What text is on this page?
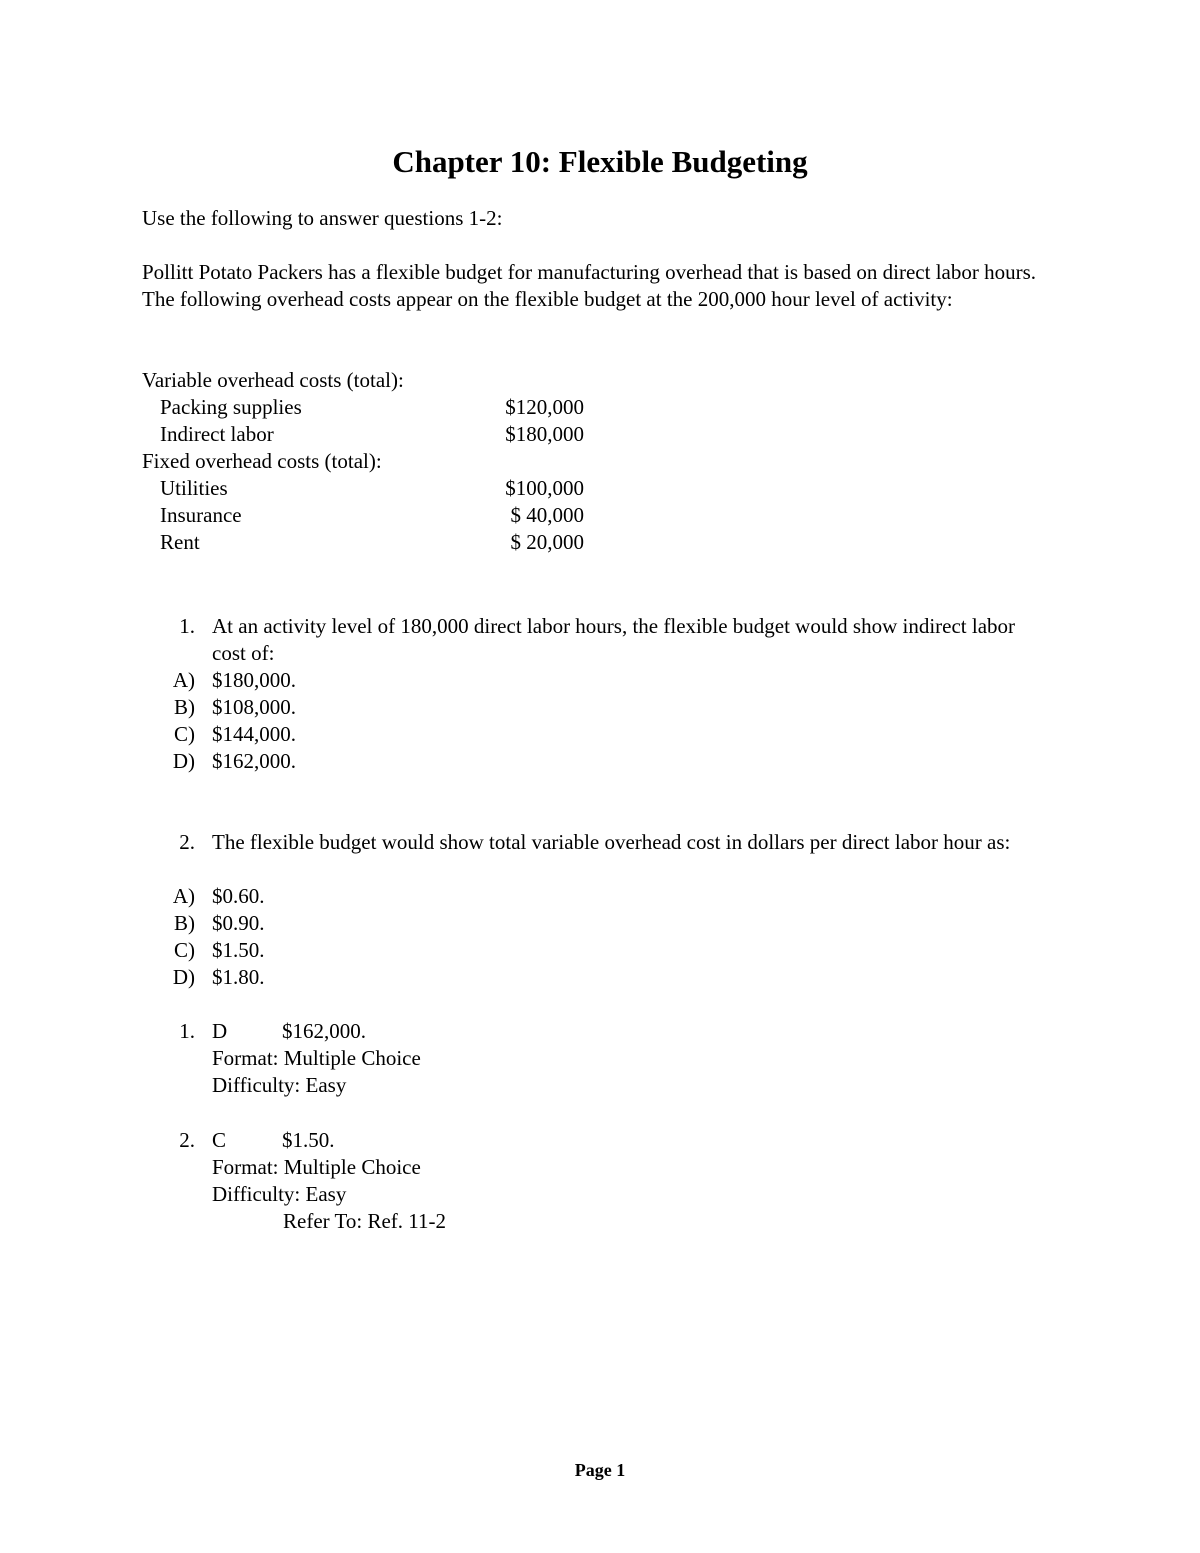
Chapter 10: Flexible Budgeting
Use the following to answer questions 1-2:
Pollitt Potato Packers has a flexible budget for manufacturing overhead that is based on direct labor hours. The following overhead costs appear on the flexible budget at the 200,000 hour level of activity:
Variable overhead costs (total):	
Packing supplies	$120,000
Indirect labor	$180,000
Fixed overhead costs (total):	
Utilities	$100,000
Insurance	$ 40,000
Rent	$ 20,000
1. At an activity level of 180,000 direct labor hours, the flexible budget would show indirect labor cost of:
A) $180,000.
B) $108,000.
C) $144,000.
D) $162,000.
2. The flexible budget would show total variable overhead cost in dollars per direct labor hour as:
A) $0.60.
B) $0.90.
C) $1.50.
D) $1.80.
1. D	$162,000.
Format: Multiple Choice
Difficulty: Easy
2. C	$1.50.
Format: Multiple Choice
Difficulty: Easy
Refer To: Ref. 11-2
Page 1
